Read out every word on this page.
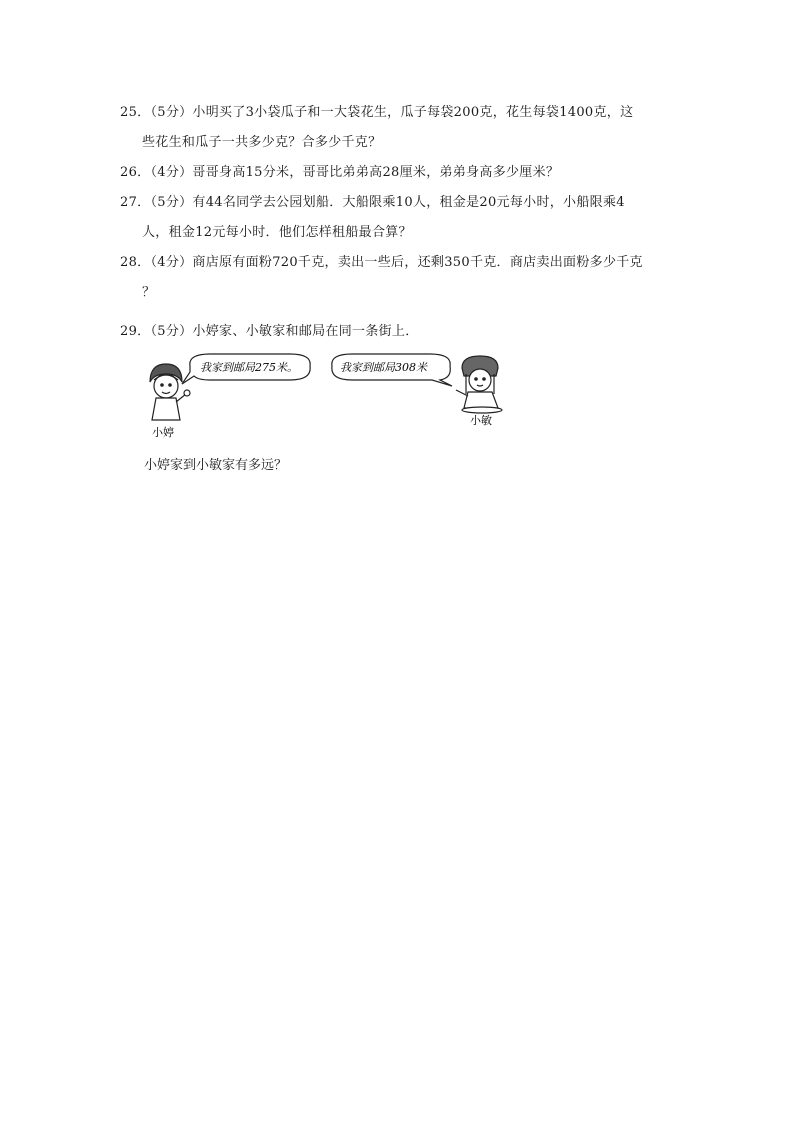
25．（5分）小明买了3小袋瓜子和一大袋花生，瓜子每袋200克，花生每袋1400克，这
些花生和瓜子一共多少克？合多少千克？
26．（4分）哥哥身高15分米，哥哥比弟弟高28厘米，弟弟身高多少厘米？
27．（5分）有44名同学去公园划船．大船限乘10人，租金是20元每小时，小船限乘4
人，租金12元每小时．他们怎样租船最合算？
28．（4分）商店原有面粉720千克，卖出一些后，还剩350千克．商店卖出面粉多少千克
？
29．（5分）小婷家、小敏家和邮局在同一条街上．
我家到邮局275米。
小婷
我家到邮局308米
小敏
小婷家到小敏家有多远？
